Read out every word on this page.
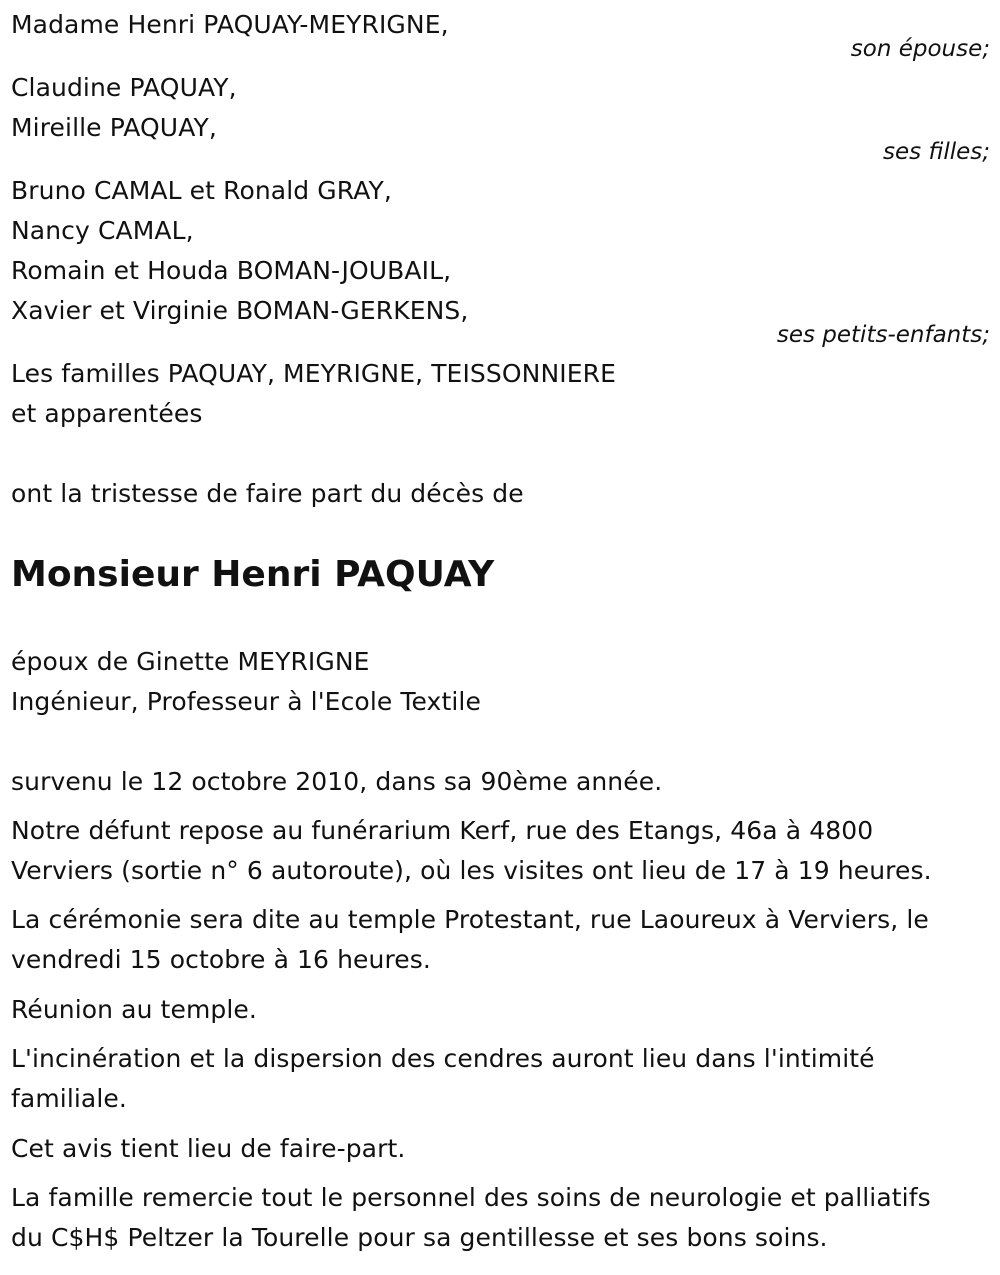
Madame Henri PAQUAY-MEYRIGNE,
son épouse;
Claudine PAQUAY,
Mireille PAQUAY,
ses filles;
Bruno CAMAL et Ronald GRAY,
Nancy CAMAL,
Romain et Houda BOMAN-JOUBAIL,
Xavier et Virginie BOMAN-GERKENS,
ses petits-enfants;
Les familles PAQUAY, MEYRIGNE, TEISSONNIERE
et apparentées
ont la tristesse de faire part du décès de
Monsieur Henri PAQUAY
époux de Ginette MEYRIGNE
Ingénieur, Professeur à l'Ecole Textile
survenu le 12 octobre 2010, dans sa 90ème année.
Notre défunt repose au funérarium Kerf, rue des Etangs, 46a à 4800
Verviers (sortie n° 6 autoroute), où les visites ont lieu de 17 à 19 heures.
La cérémonie sera dite au temple Protestant, rue Laoureux à Verviers, le
vendredi 15 octobre à 16 heures.
Réunion au temple.
L'incinération et la dispersion des cendres auront lieu dans l'intimité
familiale.
Cet avis tient lieu de faire-part.
La famille remercie tout le personnel des soins de neurologie et palliatifs
du C$H$ Peltzer la Tourelle pour sa gentillesse et ses bons soins.
